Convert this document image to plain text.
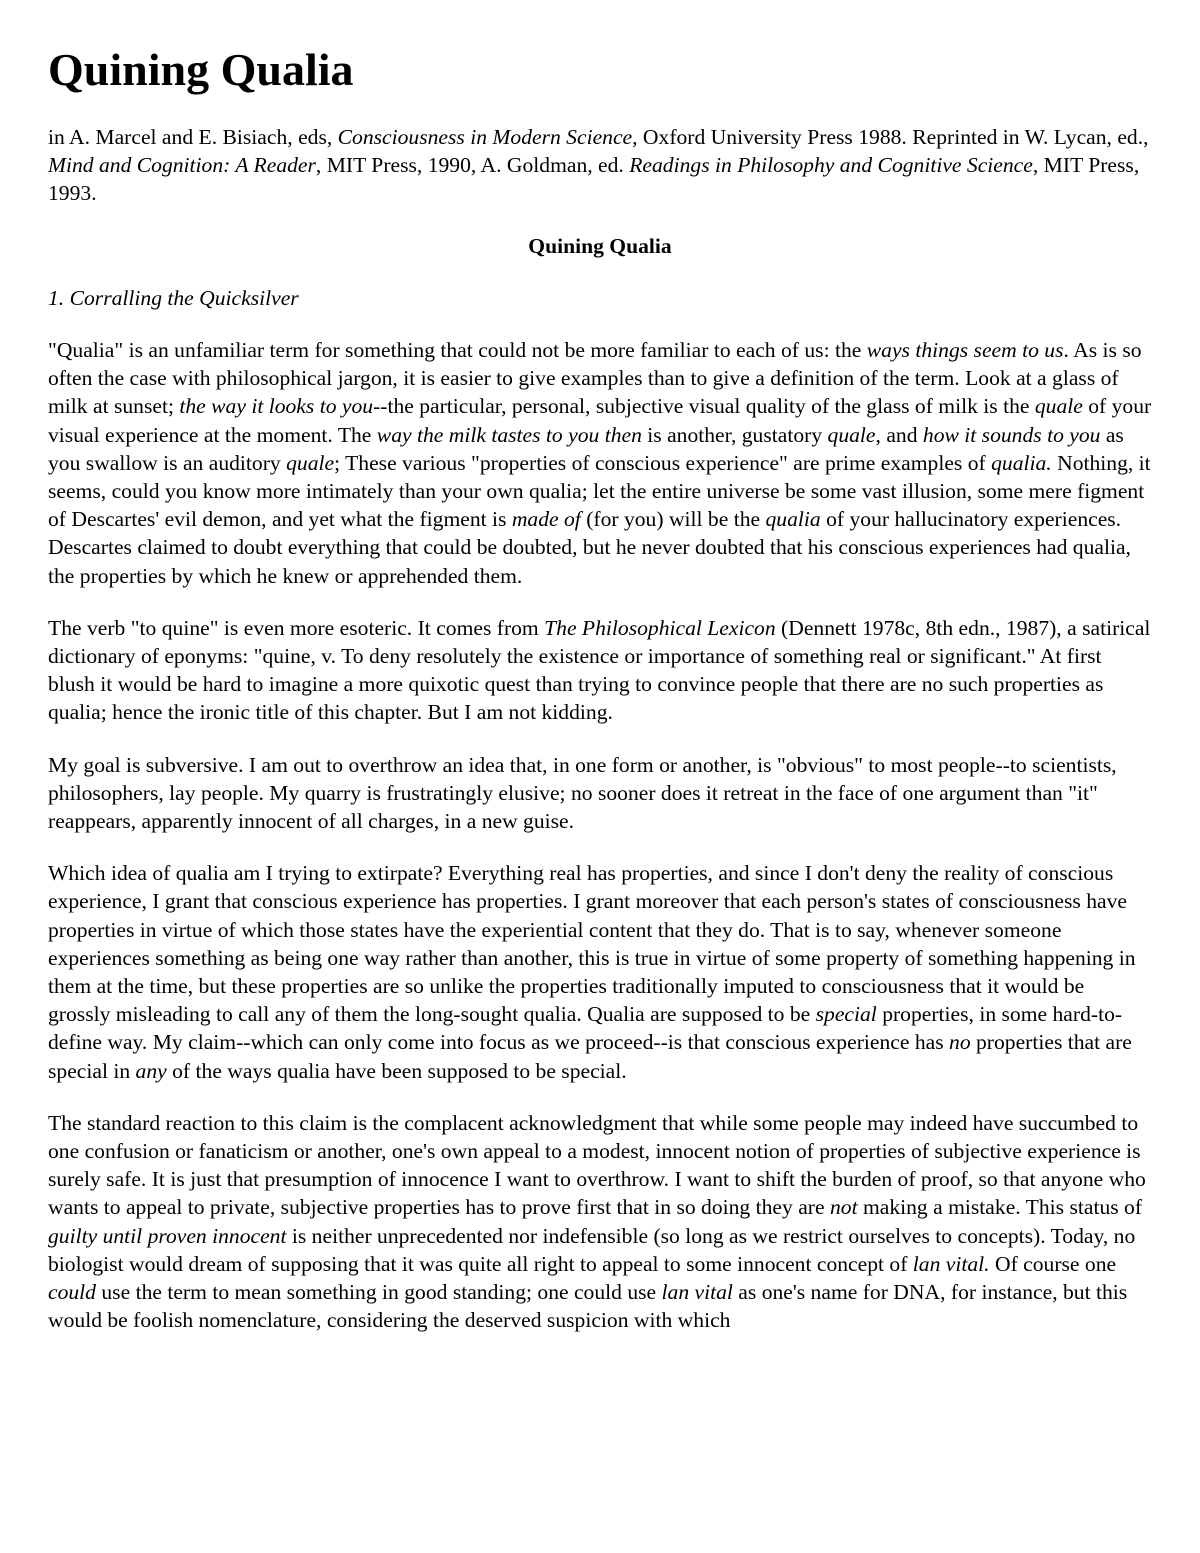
Quining Qualia

in A. Marcel and E. Bisiach, eds, Consciousness in Modern Science, Oxford University Press 1988. Reprinted in W. Lycan, ed., Mind and Cognition: A Reader, MIT Press, 1990, A. Goldman, ed. Readings in Philosophy and Cognitive Science, MIT Press, 1993.

Quining Qualia
1. Corralling the Quicksilver

"Qualia" is an unfamiliar term for something that could not be more familiar to each of us: the ways things seem to us. As is so often the case with philosophical jargon, it is easier to give examples than to give a definition of the term. Look at a glass of milk at sunset; the way it looks to you--the particular, personal, subjective visual quality of the glass of milk is the quale of your visual experience at the moment. The way the milk tastes to you then is another, gustatory quale, and how it sounds to you as you swallow is an auditory quale; These various "properties of conscious experience" are prime examples of qualia. Nothing, it seems, could you know more intimately than your own qualia; let the entire universe be some vast illusion, some mere figment of Descartes' evil demon, and yet what the figment is made of (for you) will be the qualia of your hallucinatory experiences. Descartes claimed to doubt everything that could be doubted, but he never doubted that his conscious experiences had qualia, the properties by which he knew or apprehended them.

The verb "to quine" is even more esoteric. It comes from The Philosophical Lexicon (Dennett 1978c, 8th edn., 1987), a satirical dictionary of eponyms: "quine, v. To deny resolutely the existence or importance of something real or significant." At first blush it would be hard to imagine a more quixotic quest than trying to convince people that there are no such properties as qualia; hence the ironic title of this chapter. But I am not kidding.

My goal is subversive. I am out to overthrow an idea that, in one form or another, is "obvious" to most people--to scientists, philosophers, lay people. My quarry is frustratingly elusive; no sooner does it retreat in the face of one argument than "it" reappears, apparently innocent of all charges, in a new guise.

Which idea of qualia am I trying to extirpate? Everything real has properties, and since I don't deny the reality of conscious experience, I grant that conscious experience has properties. I grant moreover that each person's states of consciousness have properties in virtue of which those states have the experiential content that they do. That is to say, whenever someone experiences something as being one way rather than another, this is true in virtue of some property of something happening in them at the time, but these properties are so unlike the properties traditionally imputed to consciousness that it would be grossly misleading to call any of them the long-sought qualia. Qualia are supposed to be special properties, in some hard-to-define way. My claim--which can only come into focus as we proceed--is that conscious experience has no properties that are special in any of the ways qualia have been supposed to be special.

The standard reaction to this claim is the complacent acknowledgment that while some people may indeed have succumbed to one confusion or fanaticism or another, one's own appeal to a modest, innocent notion of properties of subjective experience is surely safe. It is just that presumption of innocence I want to overthrow. I want to shift the burden of proof, so that anyone who wants to appeal to private, subjective properties has to prove first that in so doing they are not making a mistake. This status of guilty until proven innocent is neither unprecedented nor indefensible (so long as we restrict ourselves to concepts). Today, no biologist would dream of supposing that it was quite all right to appeal to some innocent concept of lan vital. Of course one could use the term to mean something in good standing; one could use lan vital as one's name for DNA, for instance, but this would be foolish nomenclature, considering the deserved suspicion with which
